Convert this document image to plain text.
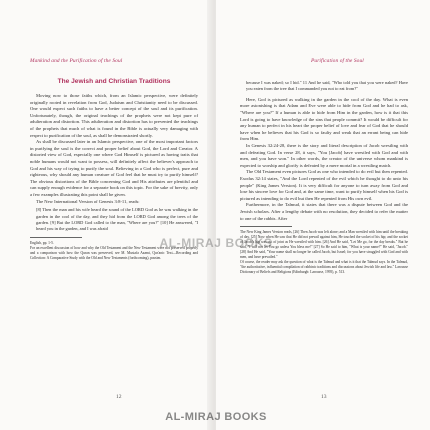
Mankind and the Purification of the Soul
The Jewish and Christian Traditions

Moving now to those faiths which, from an Islamic perspective, were definitely originally rooted in revelation from God, Judaism and Christianity need to be discussed. One would expect such faiths to have a better concept of the soul and its purification. Unfortunately, though, the original teachings of the prophets were not kept pure of adulteration and distortion. This adulteration and distortion has to prevented the teachings of the prophets that much of what is found in the Bible is actually very damaging with respect to purification of the soul, as shall be demonstrated shortly.

As shall be discussed later in an Islamic perspective, one of the most important factors in purifying the soul is the correct and proper belief about God, the Lord and Creator. A distorted view of God, especially one where God Himself is pictured as having traits that noble humans would not want to possess, will definitely affect the believer's approach to God and his way of trying to purify the soul. Believing in a God who is perfect, pure and righteous, why should any human creature of God feel that he must try to purify himself? The obvious distortions of the Bible concerning God and His attributes are plentiful and can supply enough evidence for a separate book on this topic. For the sake of brevity, only a few examples illustrating this point shall be given.

The New International Version of Genesis 3:8-11, reads:

[8] Then the man and his wife heard the sound of the LORD God as he was walking in the garden in the cool of the day, and they hid from the LORD God among the trees of the garden. [9] But the LORD God called to the man, "Where are you?" [10] He answered, "I heard you in the garden, and I was afraid

English, pp. 1-5.

For an excellent discussion of how and why the Old Testament and the New Testament were not preserved properly and a comparison with how the Quran was preserved, see M. Mustafa Azami, Qur'anic Text—Recording and Collection: A Comparative Study with the Old and New Testaments (forthcoming), passim.

12
Purification of the Soul

because I was naked; so I hid." 11 And he said, "Who told you that you were naked? Have you eaten from the tree that I commanded you not to eat from?"

Here, God is pictured as walking in the garden in the cool of the day. What is even more astonishing is that Adam and Eve were able to hide from God and he had to ask, "Where are you?" If a human is able to hide from Him in the garden, how is it that this Lord is going to have knowledge of the sins that people commit? It would be difficult for any human to perfect in his heart the proper belief of love and fear of God that he should have when he believes that his God is so faulty and weak that an errant being can hide from Him.

In Genesis 32:24-28, there is the story and literal description of Jacob wrestling with and defeating God. In verse 28, it says, "You [Jacob] have wrestled with God and with men, and you have won." In other words, the creator of the universe whom mankind is expected to worship and glorify is defeated by a mere mortal in a wrestling match.

The Old Testament even pictures God as one who intended to do evil but then repented. Exodus 32:14 states, "And the Lord repented of the evil which he thought to do unto his people" (King James Version). It is very difficult for anyone to turn away from God and lose his sincere love for God and, at the same time, want to purify himself when his God is pictured as intending to do evil but then He repented from His own evil.

Furthermore, in the Talmud, it states that there was a dispute between God and the Jewish scholars. After a lengthy debate with no resolution, they decided to refer the matter to one of the rabbis. After

The New King James Version reads, [26] Then Jacob was left alone; and a Man wrestled with him until the breaking of day. [25] Now when He saw that He did not prevail against him, He touched the socket of his hip; and the socket of Jacob's hip was out of joint as He wrestled with him. [26] And He said, "Let Me go, for the day breaks." But he said, "I will not let You go unless You bless me!" [27] So He said to him, "What is your name?" He said, "Jacob." [28] And He said, "Your name shall no longer be called Jacob, but Israel; for you have struggled with God and with men, and have prevailed."

Of course, the reader may ask the question of what is the Talmud and what is it that the Talmud says. In the Talmud, "the authoritative, influential compilation of rabbinic traditions and discussions about Jewish life and law." Larousse Dictionary of Beliefs and Religions (Edinburgh: Larousse, 1995), p. 513.

13
AL-MIRAJ BOOKS
AL-MIRAJ BOOKS
